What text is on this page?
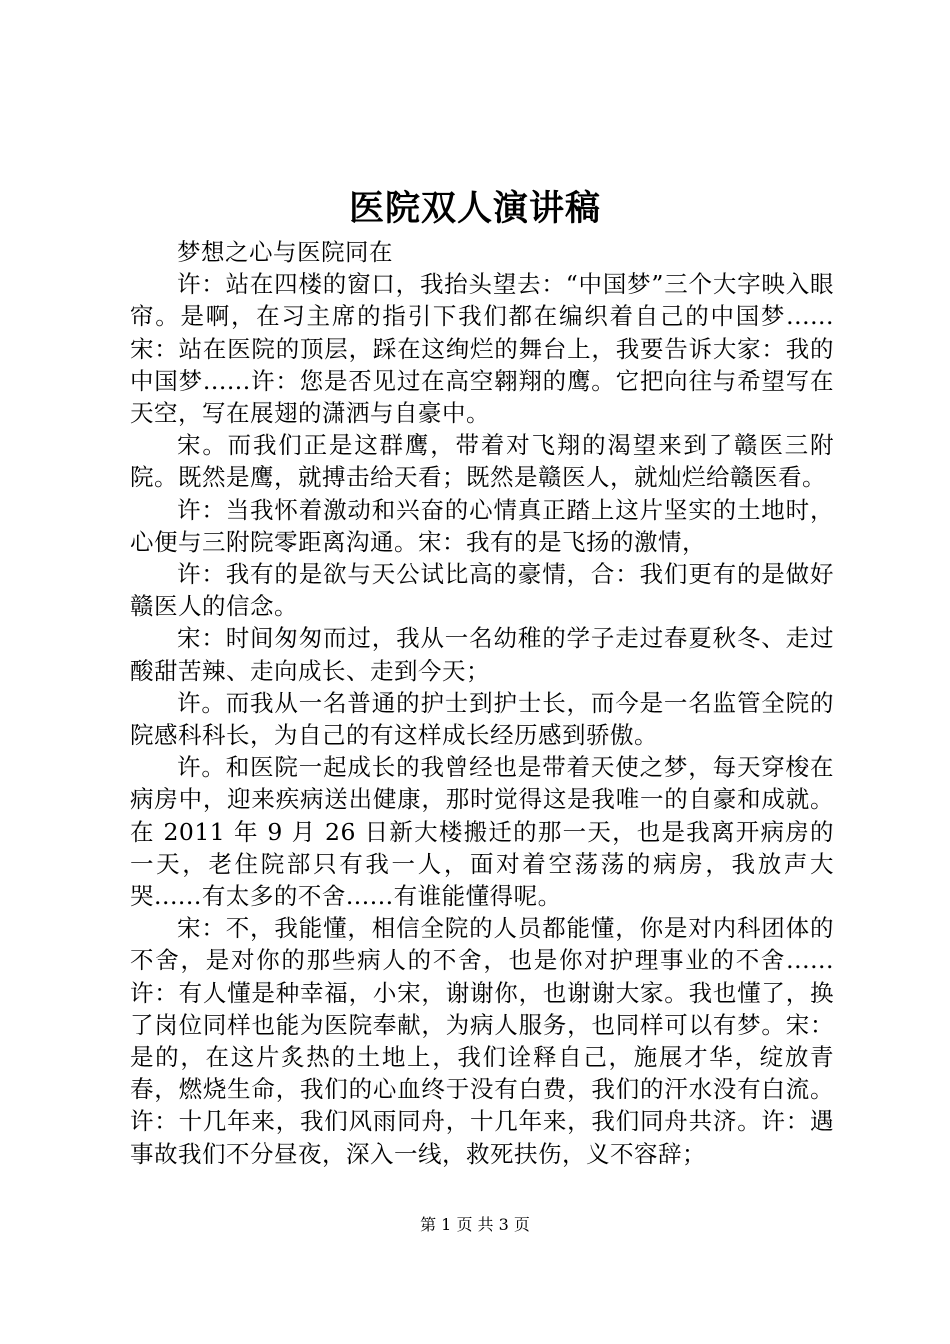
医院双人演讲稿

梦想之心与医院同在

许：站在四楼的窗口，我抬头望去：“中国梦”三个大字映入眼帘。是啊，在习主席的指引下我们都在编织着自己的中国梦......宋：站在医院的顶层，踩在这绚烂的舞台上，我要告诉大家：我的中国梦......许：您是否见过在高空翱翔的鹰。它把向往与希望写在天空，写在展翅的潇洒与自豪中。

宋。而我们正是这群鹰，带着对飞翔的渴望来到了赣医三附院。既然是鹰，就搏击给天看；既然是赣医人，就灿烂给赣医看。

许：当我怀着激动和兴奋的心情真正踏上这片坚实的土地时，心便与三附院零距离沟通。宋：我有的是飞扬的激情，

许：我有的是欲与天公试比高的豪情，合：我们更有的是做好赣医人的信念。

宋：时间匆匆而过，我从一名幼稚的学子走过春夏秋冬、走过酸甜苦辣、走向成长、走到今天；

许。而我从一名普通的护士到护士长，而今是一名监管全院的院感科科长，为自己的有这样成长经历感到骄傲。

许。和医院一起成长的我曾经也是带着天使之梦，每天穿梭在病房中，迎来疾病送出健康，那时觉得这是我唯一的自豪和成就。在 2011 年 9 月 26 日新大楼搬迁的那一天，也是我离开病房的一天，老住院部只有我一人，面对着空荡荡的病房，我放声大哭......有太多的不舍......有谁能懂得呢。

宋：不，我能懂，相信全院的人员都能懂，你是对内科团体的不舍，是对你的那些病人的不舍，也是你对护理事业的不舍......许：有人懂是种幸福，小宋，谢谢你，也谢谢大家。我也懂了，换了岗位同样也能为医院奉献，为病人服务，也同样可以有梦。宋：是的，在这片炙热的土地上，我们诠释自己，施展才华，绽放青春，燃烧生命，我们的心血终于没有白费，我们的汗水没有白流。许：十几年来，我们风雨同舟，十几年来，我们同舟共济。许：遇事故我们不分昼夜，深入一线，救死扶伤，义不容辞；

第 1 页 共 3 页
